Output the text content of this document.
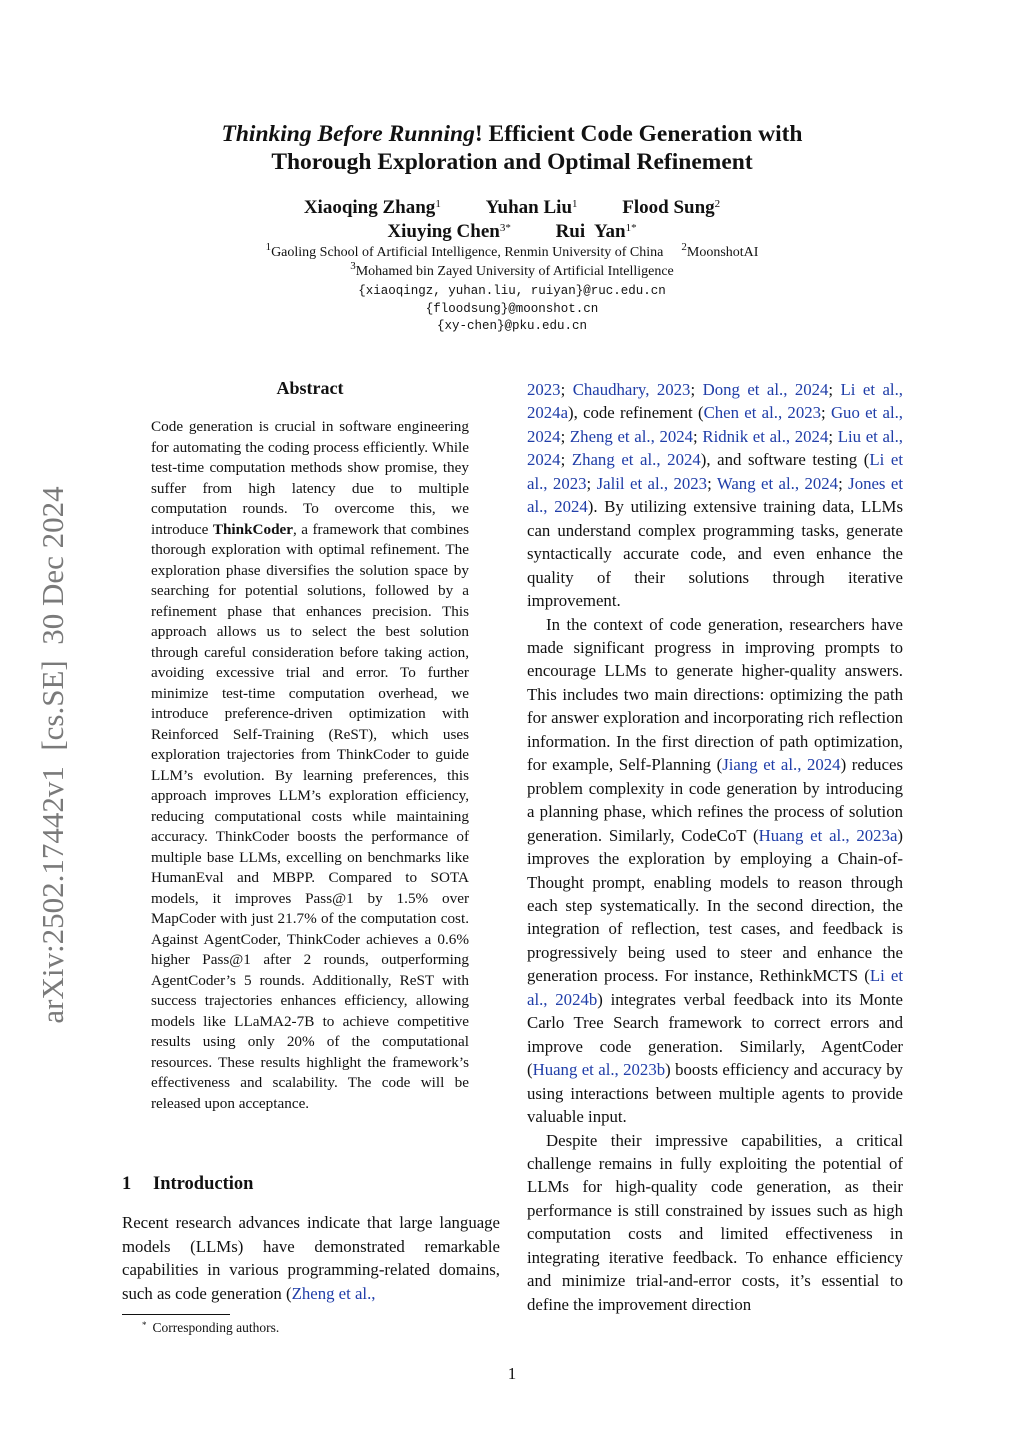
arXiv:2502.17442v1  [cs.SE]  30 Dec 2024
Thinking Before Running! Efficient Code Generation with
Thorough Exploration and Optimal Refinement
Xiaoqing Zhang$^1$ Yuhan Liu$^1$ Flood Sung$^2$
Xiuying Chen$^{3*}$ Rui  Yan$^{1*}$
$^1$Gaoling School of Artificial Intelligence, Renmin University of China $^2$MoonshotAI
$^3$Mohamed bin Zayed University of Artificial Intelligence
{xiaoqingz, yuhan.liu, ruiyan}@ruc.edu.cn
{floodsung}@moonshot.cn
{xy-chen}@pku.edu.cn
Abstract
Code generation is crucial in software engineering for automating the coding process efficiently. While test-time computation methods show promise, they suffer from high latency due to multiple computation rounds. To overcome this, we introduce ThinkCoder, a framework that combines thorough exploration with optimal refinement. The exploration phase diversifies the solution space by searching for potential solutions, followed by a refinement phase that enhances precision. This approach allows us to select the best solution through careful consideration before taking action, avoiding excessive trial and error. To further minimize test-time computation overhead, we introduce preference-driven optimization with Reinforced Self-Training (ReST), which uses exploration trajectories from ThinkCoder to guide LLM’s evolution. By learning preferences, this approach improves LLM’s exploration efficiency, reducing computational costs while maintaining accuracy. ThinkCoder boosts the performance of multiple base LLMs, excelling on benchmarks like HumanEval and MBPP. Compared to SOTA models, it improves Pass@1 by 1.5% over MapCoder with just 21.7% of the computation cost. Against AgentCoder, ThinkCoder achieves a 0.6% higher Pass@1 after 2 rounds, outperforming AgentCoder’s 5 rounds. Additionally, ReST with success trajectories enhances efficiency, allowing models like LLaMA2-7B to achieve competitive results using only 20% of the computational resources. These results highlight the framework’s effectiveness and scalability. The code will be released upon acceptance.
1 Introduction
Recent research advances indicate that large language models (LLMs) have demonstrated remarkable capabilities in various programming-related domains, such as code generation (Zheng et al.,
* Corresponding authors.

2023; Chaudhary, 2023; Dong et al., 2024; Li et al., 2024a), code refinement (Chen et al., 2023; Guo et al., 2024; Zheng et al., 2024; Ridnik et al., 2024; Liu et al., 2024; Zhang et al., 2024), and software testing (Li et al., 2023; Jalil et al., 2023; Wang et al., 2024; Jones et al., 2024). By utilizing extensive training data, LLMs can understand complex programming tasks, generate syntactically accurate code, and even enhance the quality of their solutions through iterative improvement.

In the context of code generation, researchers have made significant progress in improving prompts to encourage LLMs to generate higher-quality answers. This includes two main directions: optimizing the path for answer exploration and incorporating rich reflection information. In the first direction of path optimization, for example, Self-Planning (Jiang et al., 2024) reduces problem complexity in code generation by introducing a planning phase, which refines the process of solution generation. Similarly, CodeCoT (Huang et al., 2023a) improves the exploration by employing a Chain-of-Thought prompt, enabling models to reason through each step systematically. In the second direction, the integration of reflection, test cases, and feedback is progressively being used to steer and enhance the generation process. For instance, RethinkMCTS (Li et al., 2024b) integrates verbal feedback into its Monte Carlo Tree Search framework to correct errors and improve code generation. Similarly, AgentCoder (Huang et al., 2023b) boosts efficiency and accuracy by using interactions between multiple agents to provide valuable input.

Despite their impressive capabilities, a critical challenge remains in fully exploiting the potential of LLMs for high-quality code generation, as their performance is still constrained by issues such as high computation costs and limited effectiveness in integrating iterative feedback. To enhance efficiency and minimize trial-and-error costs, it’s essential to define the improvement direction

1
